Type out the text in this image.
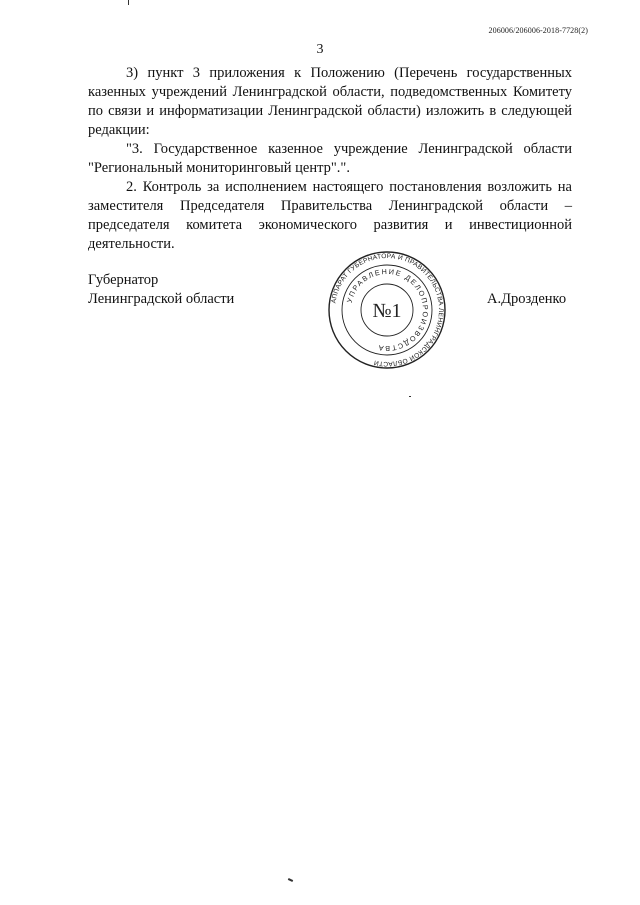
206006/206006-2018-7728(2)
3

3) пункт 3 приложения к Положению (Перечень государственных казенных учреждений Ленинградской области, подведомственных Комитету по связи и информатизации Ленинградской области) изложить в следующей редакции:

"3. Государственное казенное учреждение Ленинградской области "Региональный мониторинговый центр".".

2. Контроль за исполнением настоящего постановления возложить на заместителя Председателя Правительства Ленинградской области – председателя комитета экономического развития и инвестиционной деятельности.

Губернатор
Ленинградской области	А.Дрозденко
АППАРАТ ГУБЕРНАТОРА И ПРАВИТЕЛЬСТВА ЛЕНИНГРАДСКОЙ ОБЛАСТИ
УПРАВЛЕНИЕ ДЕЛОПРОИЗВОДСТВА
№1
